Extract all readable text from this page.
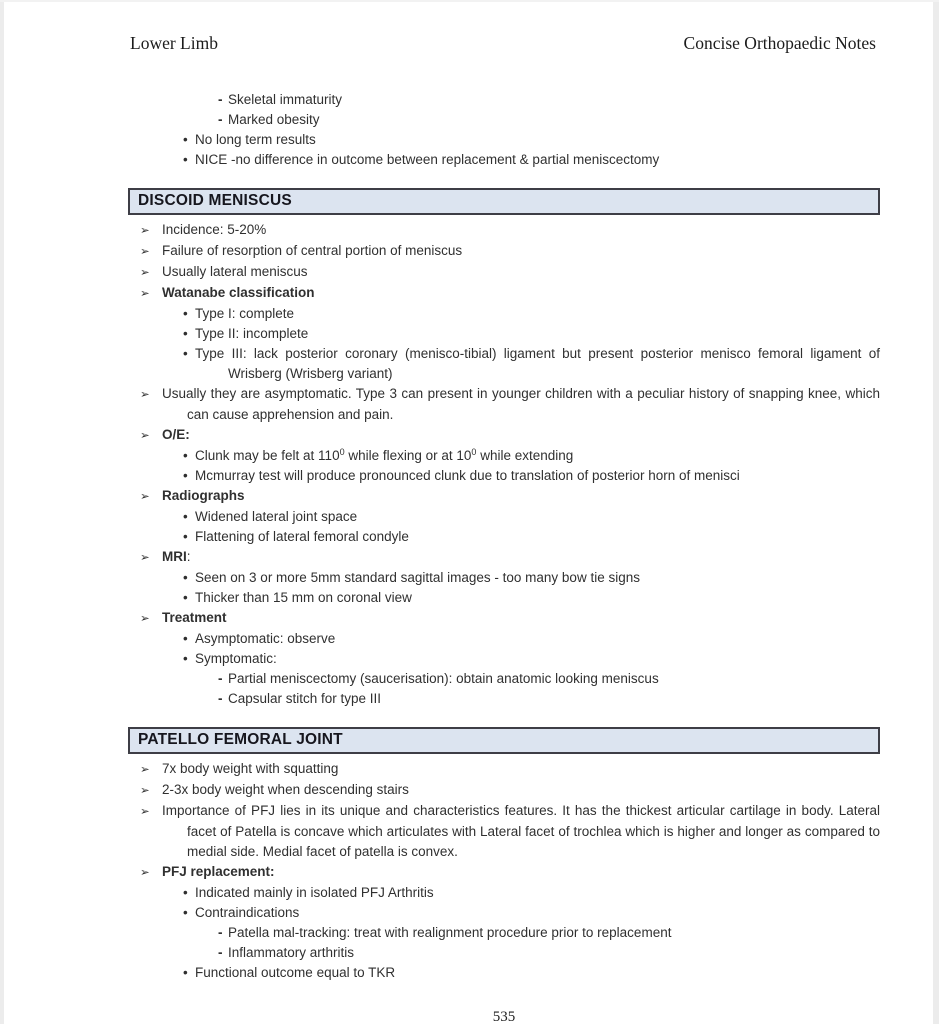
Lower Limb	Concise Orthopaedic Notes
- Skeletal immaturity
- Marked obesity
• No long term results
• NICE -no difference in outcome between replacement & partial meniscectomy
DISCOID MENISCUS
➢ Incidence: 5-20%
➢ Failure of resorption of central portion of meniscus
➢ Usually lateral meniscus
➢ Watanabe classification
• Type I: complete
• Type II: incomplete
• Type III: lack posterior coronary (menisco-tibial) ligament but present posterior menisco femoral ligament of Wrisberg (Wrisberg variant)
➢ Usually they are asymptomatic. Type 3 can present in younger children with a peculiar history of snapping knee, which can cause apprehension and pain.
➢ O/E:
• Clunk may be felt at $110^0$ while flexing or at $10^0$ while extending
• Mcmurray test will produce pronounced clunk due to translation of posterior horn of menisci
➢ Radiographs
• Widened lateral joint space
• Flattening of lateral femoral condyle
➢ MRI:
• Seen on 3 or more 5mm standard sagittal images - too many bow tie signs
• Thicker than 15 mm on coronal view
➢ Treatment
• Asymptomatic: observe
• Symptomatic:
- Partial meniscectomy (saucerisation): obtain anatomic looking meniscus
- Capsular stitch for type III
PATELLO FEMORAL JOINT
➢ 7x body weight with squatting
➢ 2-3x body weight when descending stairs
➢ Importance of PFJ lies in its unique and characteristics features. It has the thickest articular cartilage in body. Lateral facet of Patella is concave which articulates with Lateral facet of trochlea which is higher and longer as compared to medial side. Medial facet of patella is convex.
➢ PFJ replacement:
• Indicated mainly in isolated PFJ Arthritis
• Contraindications
- Patella mal-tracking: treat with realignment procedure prior to replacement
- Inflammatory arthritis
• Functional outcome equal to TKR
535
